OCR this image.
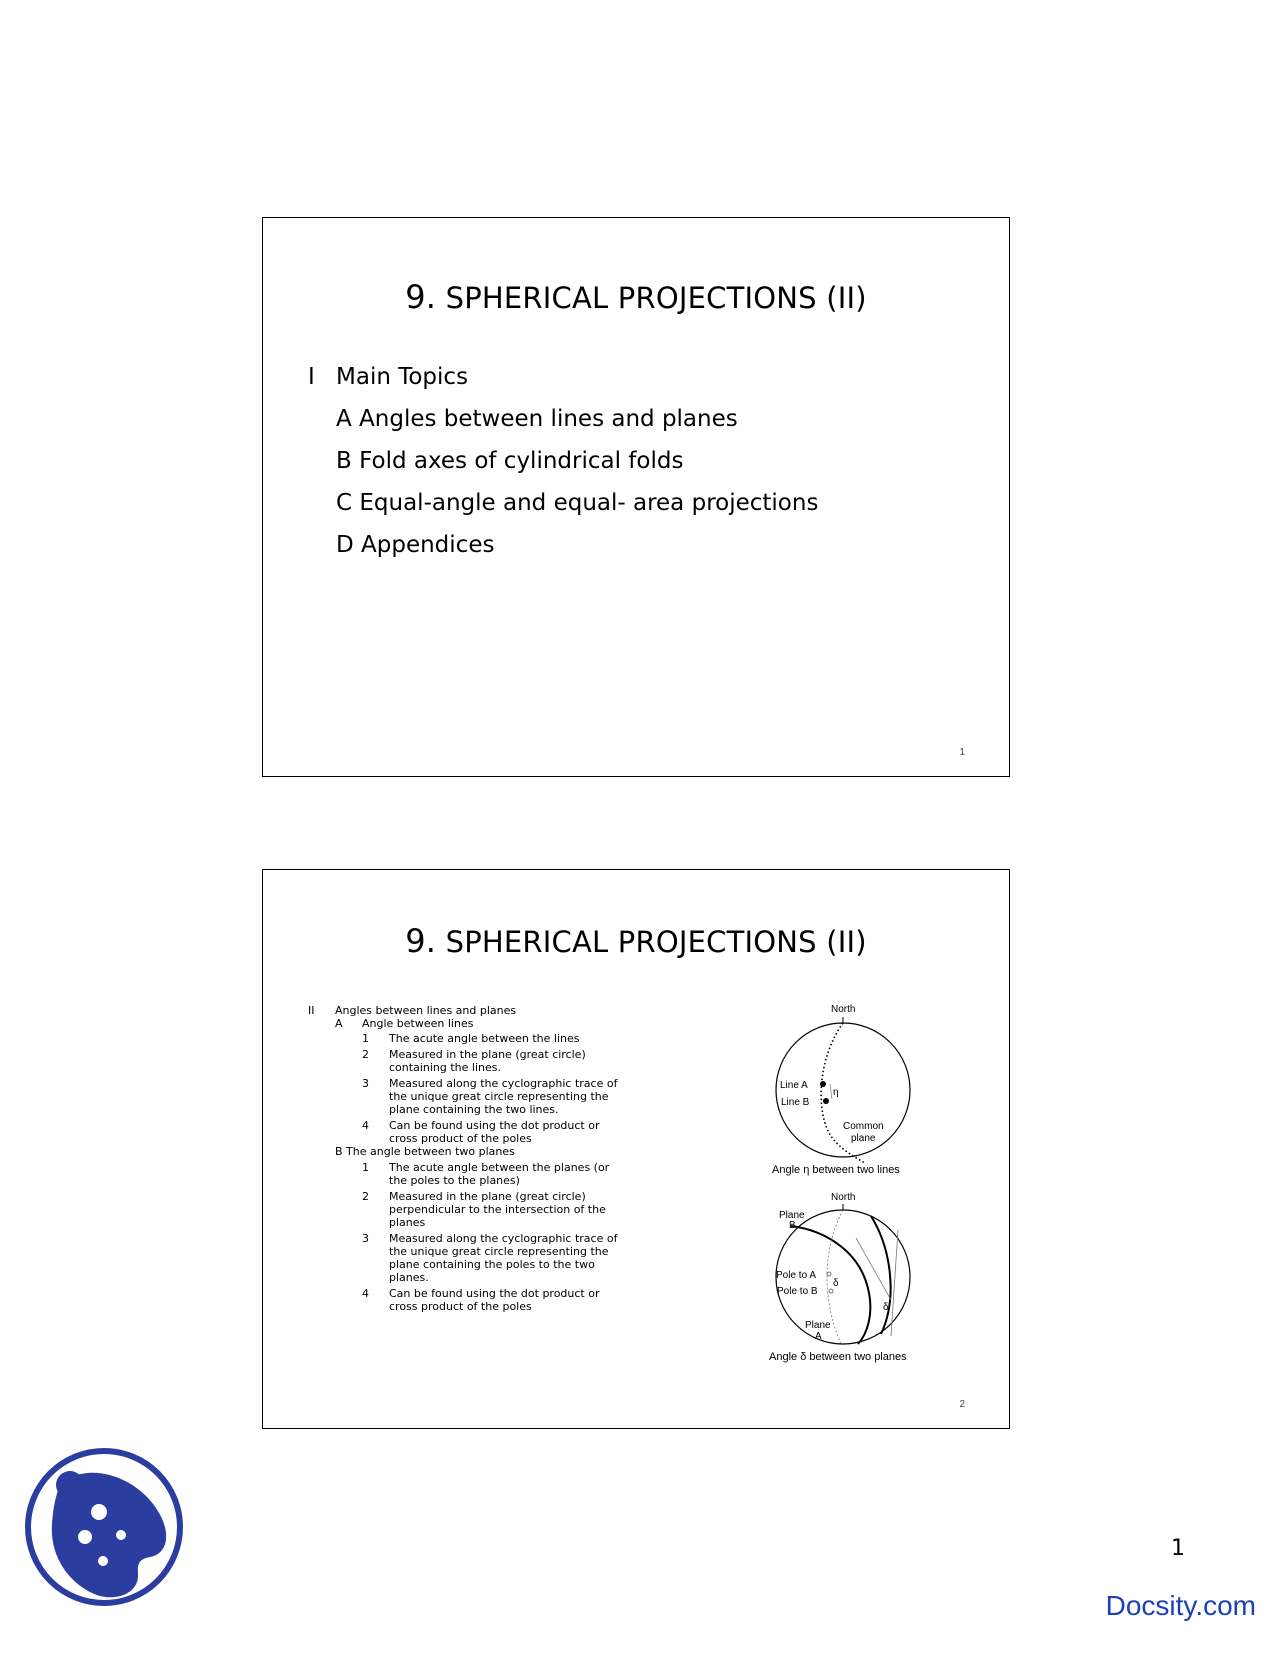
9. SPHERICAL PROJECTIONS (II)
I Main Topics
A Angles between lines and planes
B Fold axes of cylindrical folds
C Equal-angle and equal- area projections
D Appendices
1
9. SPHERICAL PROJECTIONS (II)
II	Angles between lines and planes
A	Angle between lines
1	The acute angle between the lines
2	Measured in the plane (great circle) containing the lines.
3	Measured along the cyclographic trace of the unique great circle representing the plane containing the two lines.
4	Can be found using the dot product or cross product of the poles
B The angle between two planes
1	The acute angle between the planes (or the poles to the planes)
2	Measured in the plane (great circle) perpendicular to the intersection of the planes
3	Measured along the cyclographic trace of the unique great circle representing the plane containing the poles to the two planes.
4	Can be found using the dot product or cross product of the poles
North
Line A
Line B
η
Common
plane
Angle η between two lines
North
Plane
B
Pole to A
Pole to B
δ
δ
Plane
A
Angle δ between two planes
2
1
Docsity.com
